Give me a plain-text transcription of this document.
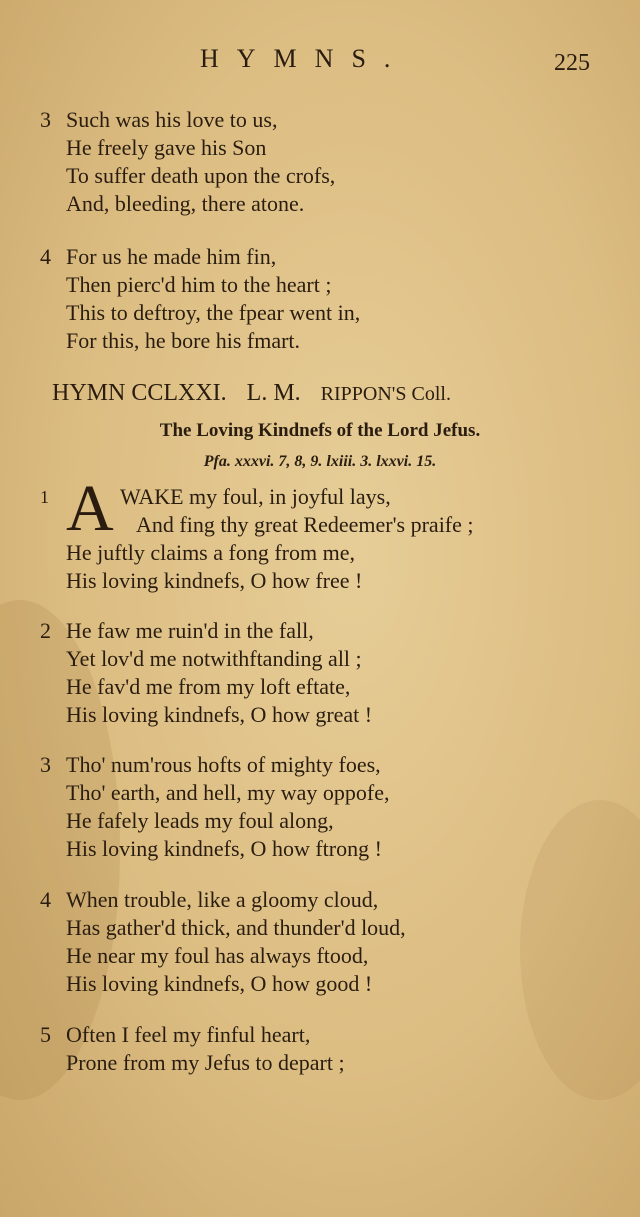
HYMNS.	225
3 Such was his love to us,
He freely gave his Son
To suffer death upon the crofs,
And, bleeding, there atone.
4 For us he made him fin,
Then pierc'd him to the heart ;
This to deftroy, the fpear went in,
For this, he bore his fmart.
HYMN CCLXXI. L. M. RIPPON'S Coll.
The Loving Kindnefs of the Lord Jefus.
Pfa. xxxvi. 7, 8, 9. lxiii. 3. lxxvi. 15.
1	WAKE my foul, in joyful lays,
And fing thy great Redeemer's praife ;
He juftly claims a fong from me,
His loving kindnefs, O how free !
A
2 He faw me ruin'd in the fall,
Yet lov'd me notwithftanding all ;
He fav'd me from my loft eftate,
His loving kindnefs, O how great !
3 Tho' num'rous hofts of mighty foes,
Tho' earth, and hell, my way oppofe,
He fafely leads my foul along,
His loving kindnefs, O how ftrong !
4 When trouble, like a gloomy cloud,
Has gather'd thick, and thunder'd loud,
He near my foul has always ftood,
His loving kindnefs, O how good !
5 Often I feel my finful heart,
Prone from my Jefus to depart ;
